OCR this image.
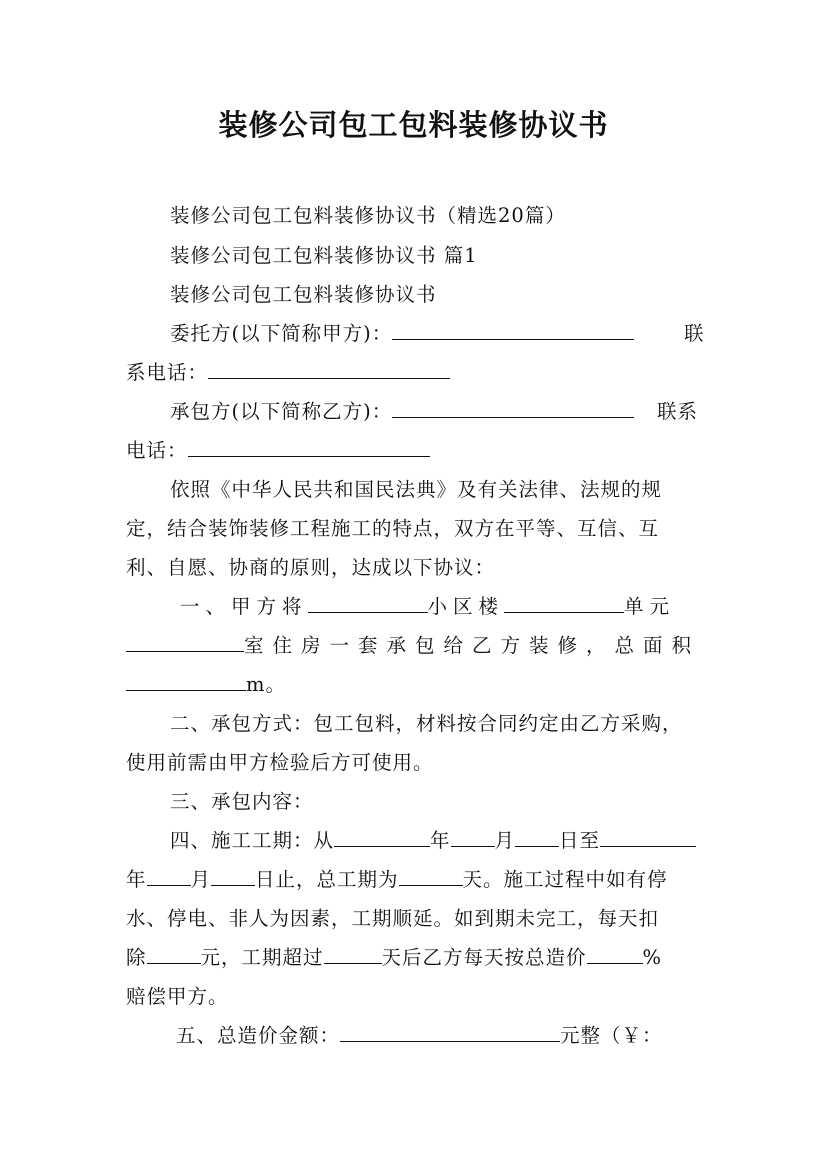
装修公司包工包料装修协议书
装修公司包工包料装修协议书（精选20篇）
装修公司包工包料装修协议书 篇1
装修公司包工包料装修协议书
委托方(以下简称甲方)：	联
系电话：
承包方(以下简称乙方)：	联系
电话：
依照《中华人民共和国民法典》及有关法律、法规的规
定，结合装饰装修工程施工的特点，双方在平等、互信、互
利、自愿、协商的原则，达成以下协议：
一、甲方将	小区楼	单元
室住房一套承包给乙方装修，总面积
m。
二、承包方式：包工包料，材料按合同约定由乙方采购，
使用前需由甲方检验后方可使用。
三、承包内容：
四、施工工期：从	年 月 日至
年 月 日止，总工期为	天。施工过程中如有停
水、停电、非人为因素，工期顺延。如到期未完工，每天扣
除	元，工期超过	天后乙方每天按总造价	%
赔偿甲方。
五、总造价金额：	元整（￥：
